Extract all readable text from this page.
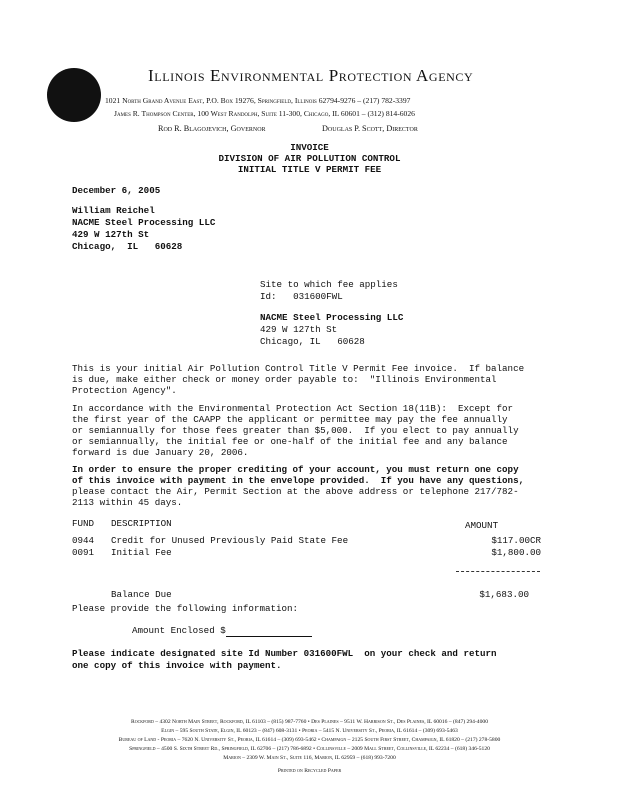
Illinois Environmental Protection Agency
1021 North Grand Avenue East, P.O. Box 19276, Springfield, Illinois 62794-9276 – (217) 782-3397
James R. Thompson Center, 100 West Randolph, Suite 11-300, Chicago, IL 60601 – (312) 814-6026
Rod R. Blagojevich, Governor	Douglas P. Scott, Director
INVOICE
DIVISION OF AIR POLLUTION CONTROL
INITIAL TITLE V PERMIT FEE
December 6, 2005
William Reichel
NACME Steel Processing LLC
429 W 127th St
Chicago,  IL   60628
Site to which fee applies
Id:   031600FWL
NACME Steel Processing LLC
429 W 127th St
Chicago, IL   60628
This is your initial Air Pollution Control Title V Permit Fee invoice.  If balance
is due, make either check or money order payable to:  "Illinois Environmental
Protection Agency".
In accordance with the Environmental Protection Act Section 18(11B):  Except for
the first year of the CAAPP the applicant or permittee may pay the fee annually
or semiannually for those fees greater than $5,000.  If you elect to pay annually
or semiannually, the initial fee or one-half of the initial fee and any balance
forward is due January 20, 2006.
In order to ensure the proper crediting of your account, you must return one copy
of this invoice with payment in the envelope provided.  If you have any questions,
please contact the Air, Permit Section at the above address or telephone 217/782-
2113 within 45 days.
FUND DESCRIPTION	AMOUNT
0944 Credit for Unused Previously Paid State Fee	$117.00CR
0091 Initial Fee	$1,800.00
Balance Due	$1,683.00
Please provide the following information:
Amount Enclosed $
Please indicate designated site Id Number 031600FWL  on your check and return
one copy of this invoice with payment.
Rockford – 4302 North Main Street, Rockford, IL 61103 – (815) 987-7760 • Des Plaines – 9511 W. Harrison St., Des Plaines, IL 60016 – (847) 294-4000
Elgin – 595 South State, Elgin, IL 60123 – (847) 608-3131 • Peoria – 5415 N. University St., Peoria, IL 61614 – (309) 693-5463
Bureau of Land - Peoria – 7620 N. University St., Peoria, IL 61614 – (309) 693-5462 • Champaign – 2125 South First Street, Champaign, IL 61820 – (217) 278-5800
Springfield – 4500 S. Sixth Street Rd., Springfield, IL 62706 – (217) 786-6892 • Collinsville – 2009 Mall Street, Collinsville, IL 62234 – (618) 346-5120
Marion – 2309 W. Main St., Suite 116, Marion, IL 62959 – (618) 993-7200
Printed on Recycled Paper
